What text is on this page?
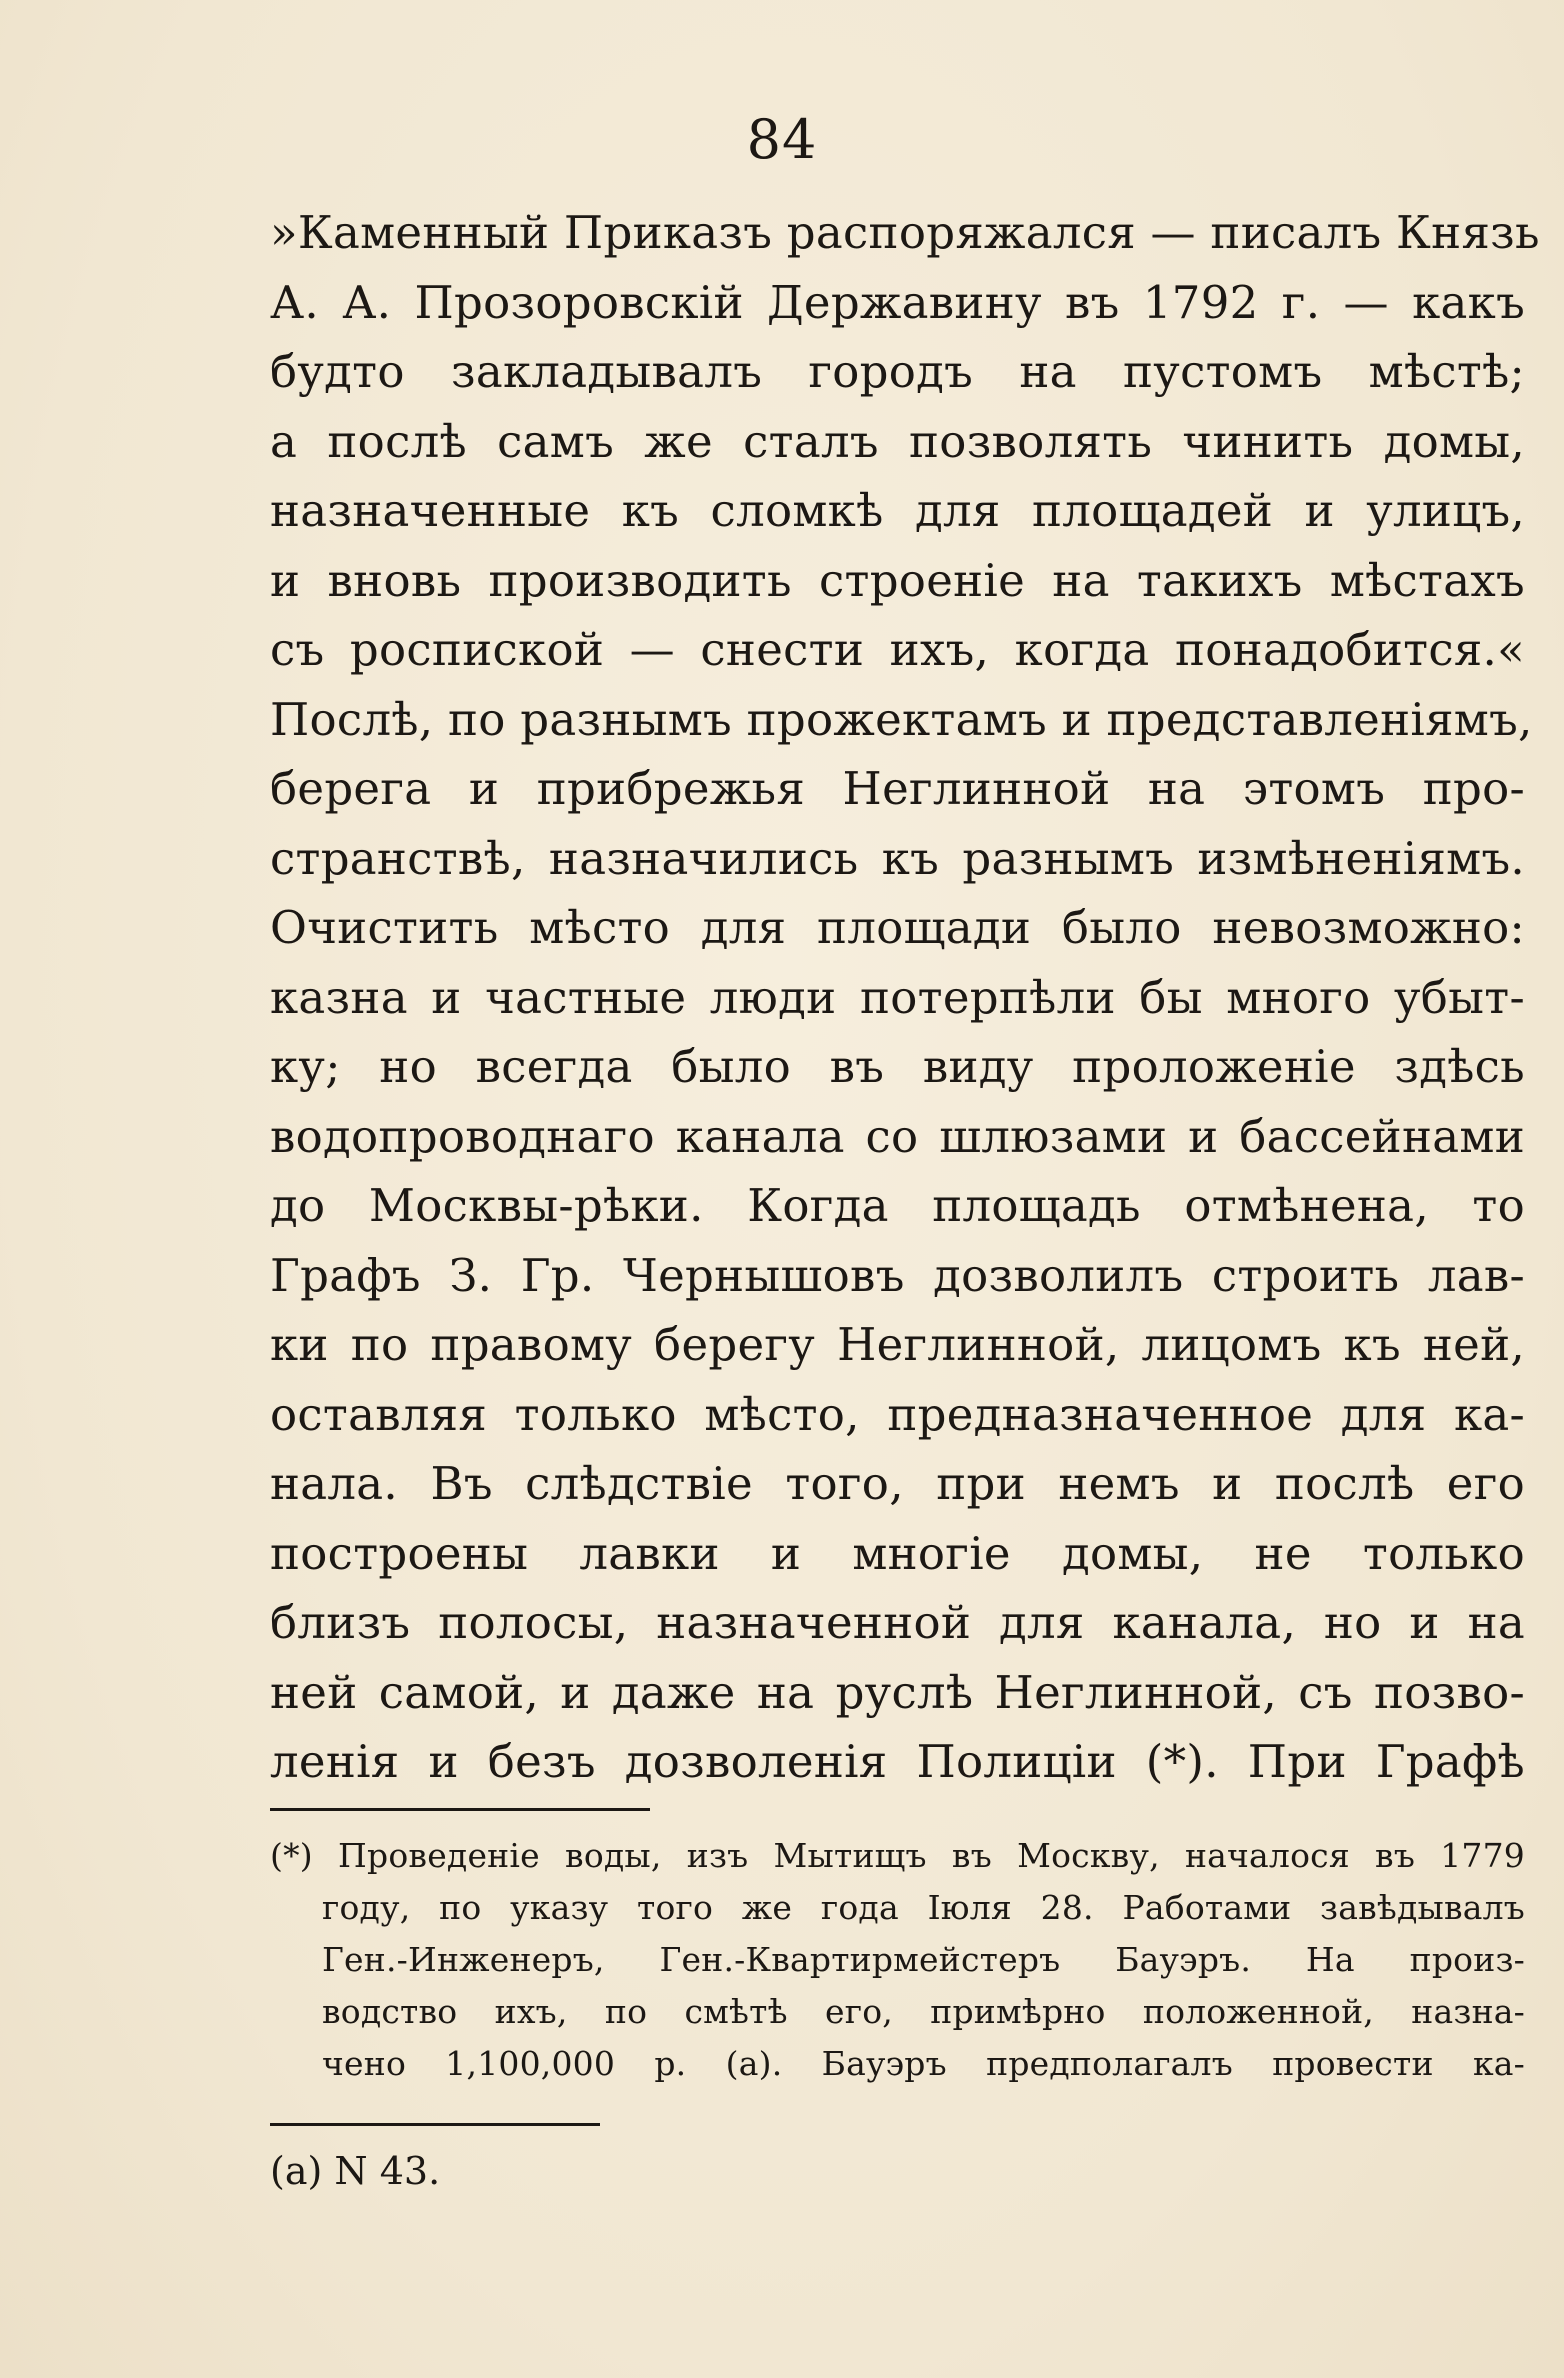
84
»Каменный Приказъ распоряжался — писалъ Князь
А. А. Прозоровскій Державину въ 1792 г. — какъ
будто закладывалъ городъ на пустомъ мѣстѣ;
а послѣ самъ же сталъ позволять чинить домы,
назначенные къ сломкѣ для площадей и улицъ,
и вновь производить строеніе на такихъ мѣстахъ
съ роспиской — снести ихъ, когда понадобится.«
Послѣ, по разнымъ прожектамъ и представленіямъ,
берега и прибрежья Неглинной на этомъ про-
странствѣ, назначились къ разнымъ измѣненіямъ.
Очистить мѣсто для площади было невозможно:
казна и частные люди потерпѣли бы много убыт-
ку; но всегда было въ виду проложеніе здѣсь
водопроводнаго канала со шлюзами и бассейнами
до Москвы-рѣки. Когда площадь отмѣнена, то
Графъ З. Гр. Чернышовъ дозволилъ строить лав-
ки по правому берегу Неглинной, лицомъ къ ней,
оставляя только мѣсто, предназначенное для ка-
нала. Въ слѣдствіе того, при немъ и послѣ его
построены лавки и многіе домы, не только
близъ полосы, назначенной для канала, но и на
ней самой, и даже на руслѣ Неглинной, съ позво-
ленія и безъ дозволенія Полиціи (*). При Графѣ
(*) Проведеніе воды, изъ Мытищъ въ Москву, началося въ 1779
году, по указу того же года Іюля 28. Работами завѣдывалъ
Ген.-Инженеръ, Ген.-Квартирмейстеръ Бауэръ. На произ-
водство ихъ, по смѣтѣ его, примѣрно положенной, назна-
чено 1,100,000 р. (а). Бауэръ предполагалъ провести ка-
(а) N 43.
